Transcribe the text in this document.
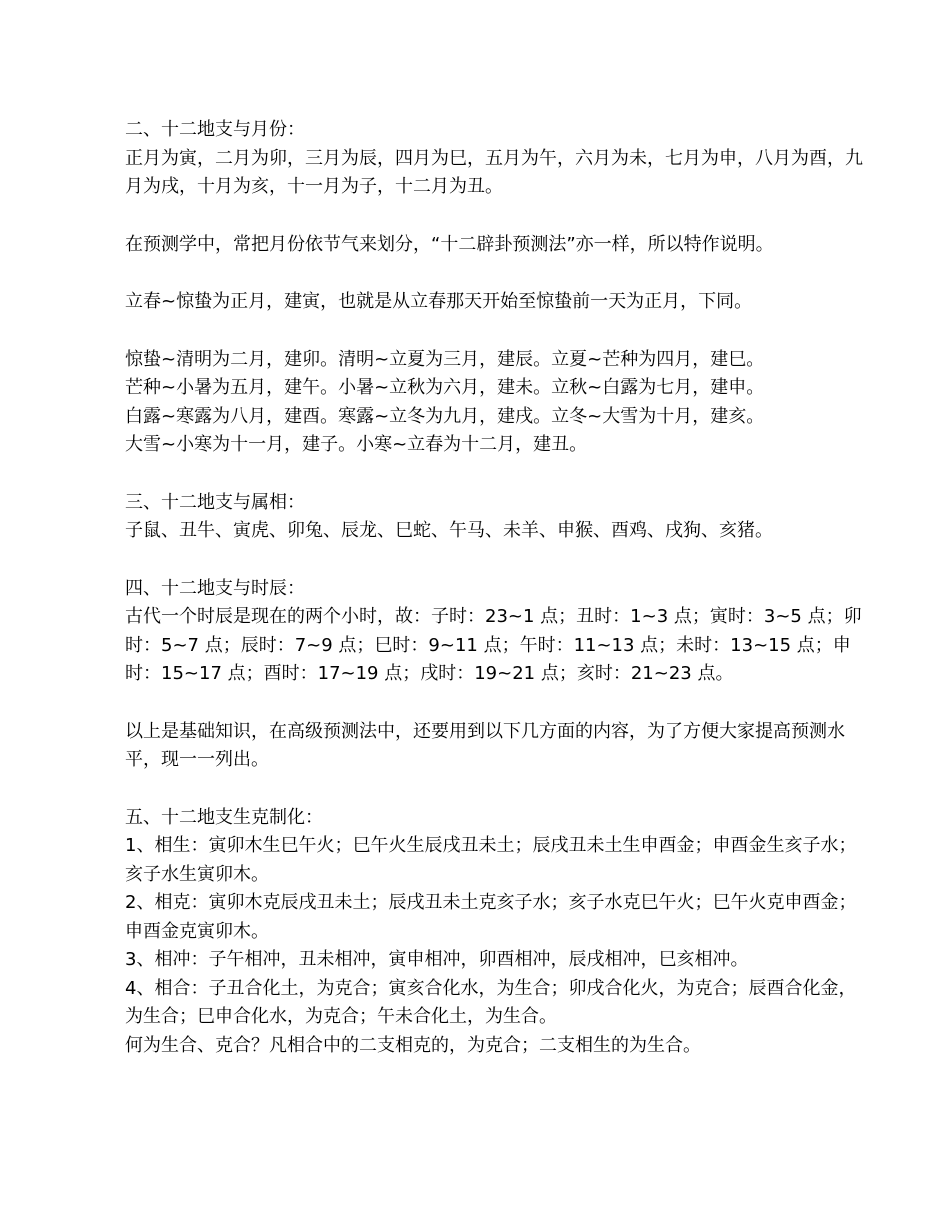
二、十二地支与月份：

正月为寅，二月为卯，三月为辰，四月为巳，五月为午，六月为未，七月为申，八月为酉，九月为戌，十月为亥，十一月为子，十二月为丑。

在预测学中，常把月份依节气来划分，“十二辟卦预测法”亦一样，所以特作说明。

立春~惊蛰为正月，建寅，也就是从立春那天开始至惊蛰前一天为正月，下同。

惊蛰~清明为二月，建卯。清明~立夏为三月，建辰。立夏~芒种为四月，建巳。

芒种~小暑为五月，建午。小暑~立秋为六月，建未。立秋~白露为七月，建申。

白露~寒露为八月，建酉。寒露~立冬为九月，建戌。立冬~大雪为十月，建亥。

大雪~小寒为十一月，建子。小寒~立春为十二月，建丑。

三、十二地支与属相：

子鼠、丑牛、寅虎、卯兔、辰龙、巳蛇、午马、未羊、申猴、酉鸡、戌狗、亥猪。

四、十二地支与时辰：

古代一个时辰是现在的两个小时，故：子时：23~1 点；丑时：1~3 点；寅时：3~5 点；卯时：5~7 点；辰时：7~9 点；巳时：9~11 点；午时：11~13 点；未时：13~15 点；申时：15~17 点；酉时：17~19 点；戌时：19~21 点；亥时：21~23 点。

以上是基础知识，在高级预测法中，还要用到以下几方面的内容，为了方便大家提高预测水平，现一一列出。

五、十二地支生克制化：

1、相生：寅卯木生巳午火；巳午火生辰戌丑未土；辰戌丑未土生申酉金；申酉金生亥子水；亥子水生寅卯木。

2、相克：寅卯木克辰戌丑未土；辰戌丑未土克亥子水；亥子水克巳午火；巳午火克申酉金；申酉金克寅卯木。

3、相冲：子午相冲，丑未相冲，寅申相冲，卯酉相冲，辰戌相冲，巳亥相冲。

4、相合：子丑合化土，为克合；寅亥合化水，为生合；卯戌合化火，为克合；辰酉合化金，为生合；巳申合化水，为克合；午未合化土，为生合。

何为生合、克合？凡相合中的二支相克的，为克合；二支相生的为生合。
